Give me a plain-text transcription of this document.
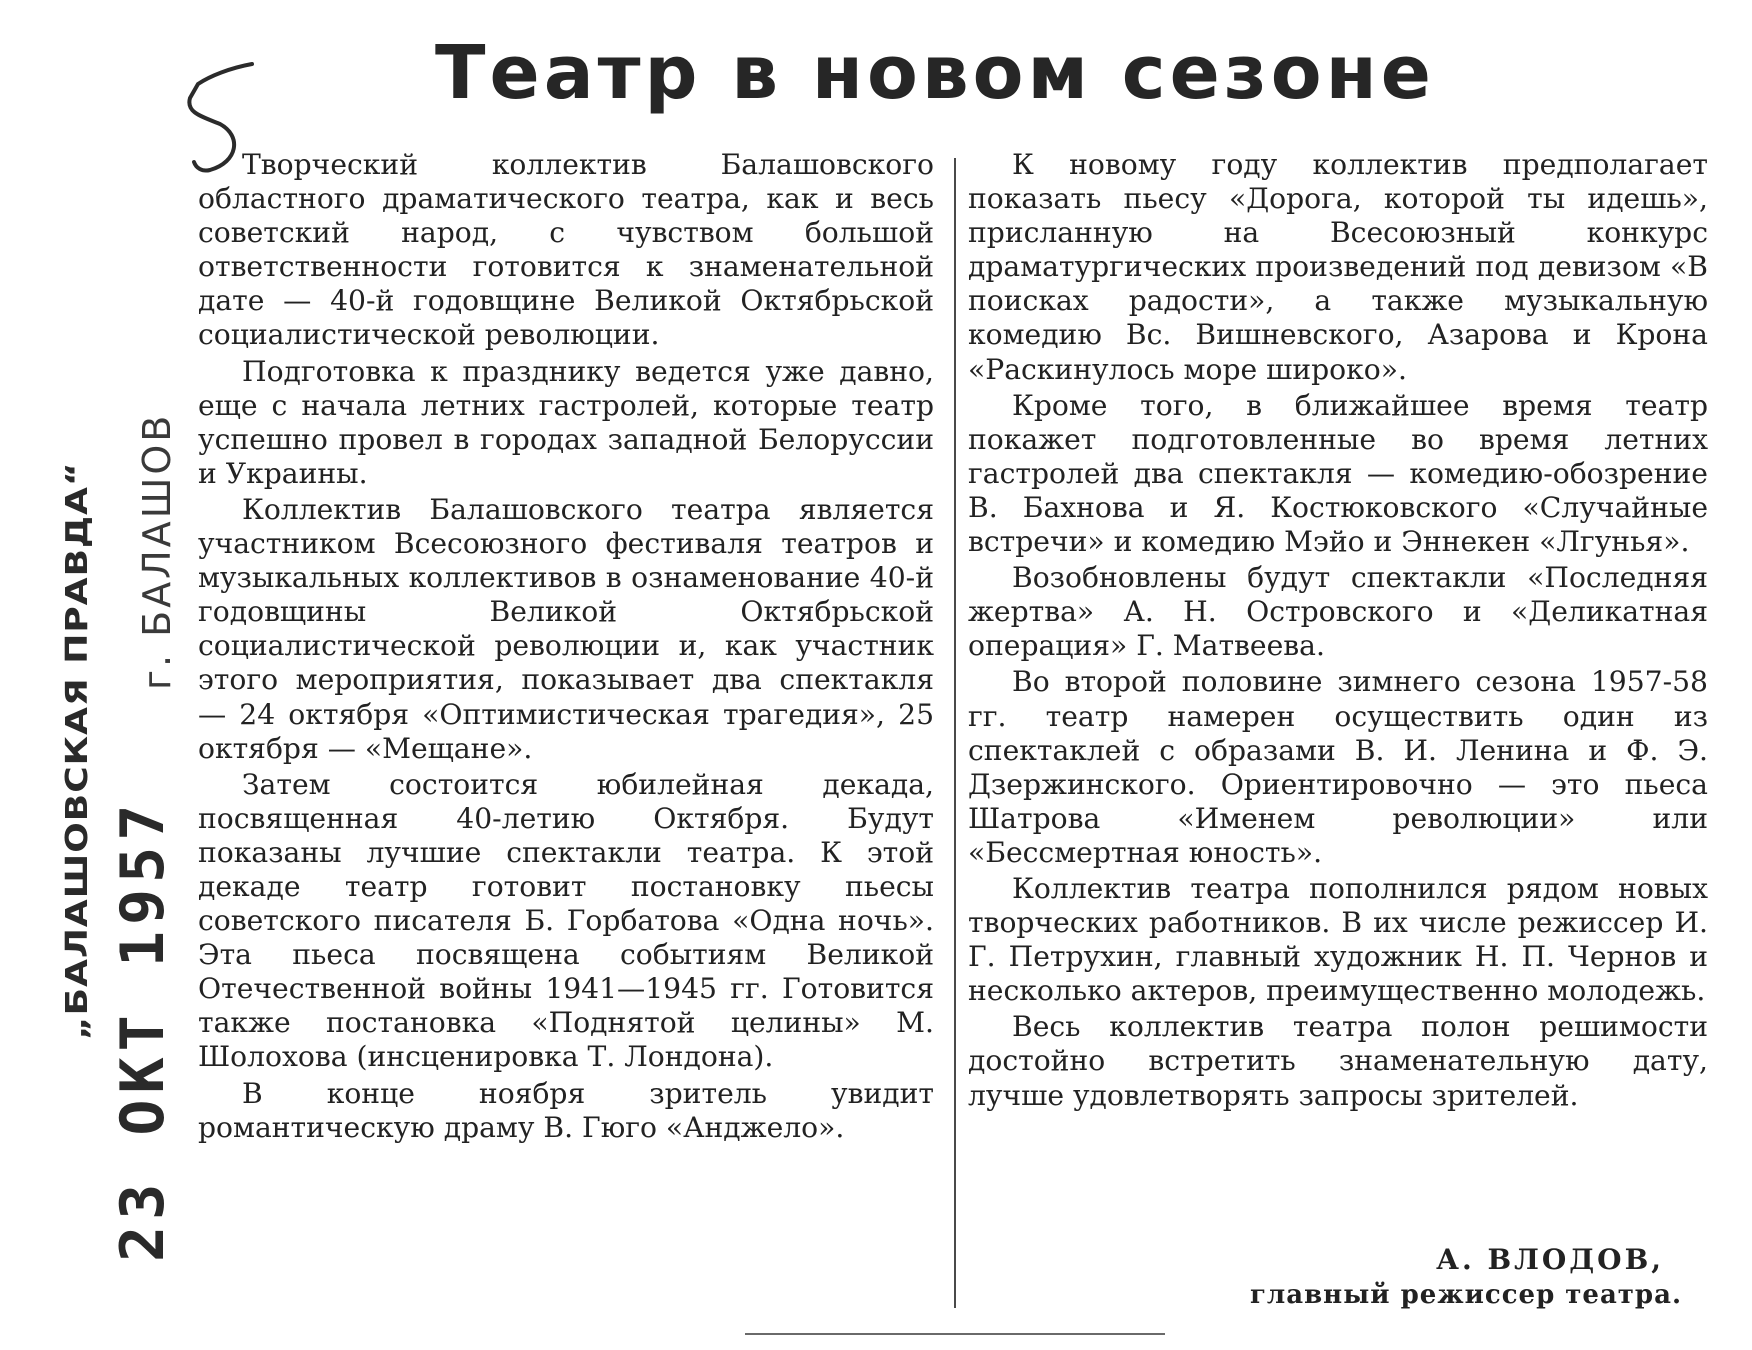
„БАЛАШОВСКАЯ ПРАВДА“ г. БАЛАШОВ
23 ОКТ 1957
Театр в новом сезоне

Творческий коллектив Балашовского областного драматического театра, как и весь советский народ, с чувством большой ответственности готовится к знаменательной дате — 40-й годовщине Великой Октябрьской социалистической революции.

Подготовка к празднику ведется уже давно, еще с начала летних гастролей, которые театр успешно провел в городах западной Белоруссии и Украины.

Коллектив Балашовского театра является участником Всесоюзного фестиваля театров и музыкальных коллективов в ознаменование 40-й годовщины Великой Октябрьской социалистической революции и, как участник этого мероприятия, показывает два спектакля — 24 октября «Оптимистическая трагедия», 25 октября — «Мещане».

Затем состоится юбилейная декада, посвященная 40-летию Октября. Будут показаны лучшие спектакли театра. К этой декаде театр готовит постановку пьесы советского писателя Б. Горбатова «Одна ночь». Эта пьеса посвящена событиям Великой Отечественной войны 1941—1945 гг. Готовится также постановка «Поднятой целины» М. Шолохова (инсценировка Т. Лондона).

В конце ноября зритель увидит романтическую драму В. Гюго «Анджело».

К новому году коллектив предполагает показать пьесу «Дорога, которой ты идешь», присланную на Всесоюзный конкурс драматургических произведений под девизом «В поисках радости», а также музыкальную комедию Вс. Вишневского, Азарова и Крона «Раскинулось море широко».

Кроме того, в ближайшее время театр покажет подготовленные во время летних гастролей два спектакля — комедию-обозрение В. Бахнова и Я. Костюковского «Случайные встречи» и комедию Мэйо и Эннекен «Лгунья».

Возобновлены будут спектакли «Последняя жертва» А. Н. Островского и «Деликатная операция» Г. Матвеева.

Во второй половине зимнего сезона 1957-58 гг. театр намерен осуществить один из спектаклей с образами В. И. Ленина и Ф. Э. Дзержинского. Ориентировочно — это пьеса Шатрова «Именем революции» или «Бессмертная юность».

Коллектив театра пополнился рядом новых творческих работников. В их числе режиссер И. Г. Петрухин, главный художник Н. П. Чернов и несколько актеров, преимущественно молодежь.

Весь коллектив театра полон решимости достойно встретить знаменательную дату, лучше удовлетворять запросы зрителей.

А. ВЛОДОВ,
главный режиссер театра.
